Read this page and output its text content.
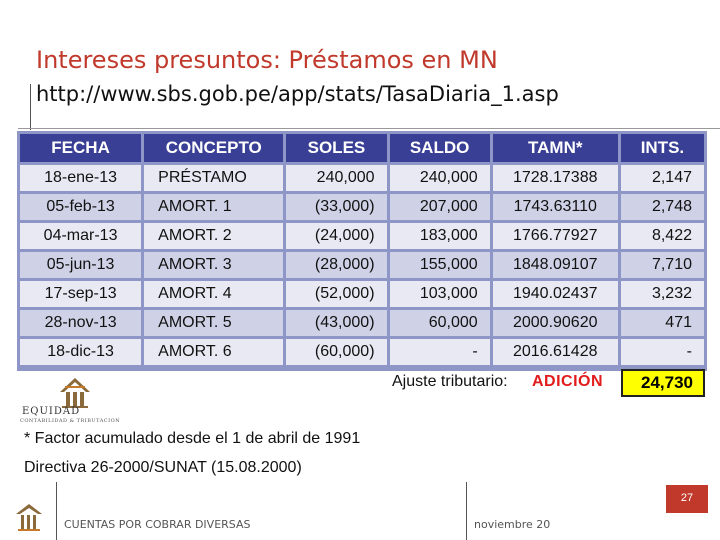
Intereses presuntos: Préstamos en MN
http://www.sbs.gob.pe/app/stats/TasaDiaria_1.asp
FECHA	CONCEPTO	SOLES	SALDO	TAMN*	INTS.
18-ene-13	PRÉSTAMO	240,000	240,000	1728.17388	2,147
05-feb-13	AMORT. 1	(33,000)	207,000	1743.63110	2,748
04-mar-13	AMORT. 2	(24,000)	183,000	1766.77927	8,422
05-jun-13	AMORT. 3	(28,000)	155,000	1848.09107	7,710
17-sep-13	AMORT. 4	(52,000)	103,000	1940.02437	3,232
28-nov-13	AMORT. 5	(43,000)	60,000	2000.90620	471
18-dic-13	AMORT. 6	(60,000)	-	2016.61428	-
EQUIDAD
CONTABILIDAD & TRIBUTACION
Ajuste tributario: ADICIÓN	24,730
* Factor acumulado desde el 1 de abril de 1991
Directiva 26-2000/SUNAT (15.08.2000)
CUENTAS POR COBRAR DIVERSAS	noviembre 20
27
